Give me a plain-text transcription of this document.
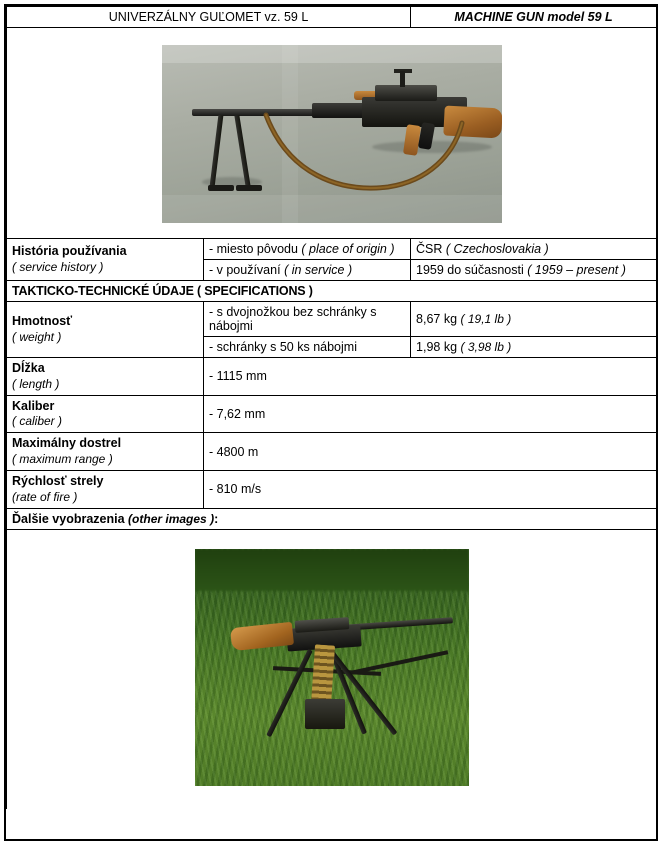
UNIVERZÁLNY GUĽOMET vz. 59 L		MACHINE GUN model 59 L

História používania
( service history )	- miesto pôvodu ( place of origin )	ČSR ( Czechoslovakia )
	- v používaní ( in service )	1959 do súčasnosti ( 1959 – present )
TAKTICKO-TECHNICKÉ ÚDAJE ( SPECIFICATIONS )		

Hmotnosť
( weight )	- s dvojnožkou bez schránky s nábojmi	8,67 kg ( 19,1 lb )
	- schránky s 50 ks nábojmi	1,98 kg ( 3,98 lb )

Dĺžka
( length )	- 1115 mm	

Kaliber
( caliber )	- 7,62 mm	

Maximálny dostrel
( maximum range )	- 4800 m	

Rýchlosť strely
(rate of fire )	- 810 m/s	
Ďalšie vyobrazenia (other images ):		
